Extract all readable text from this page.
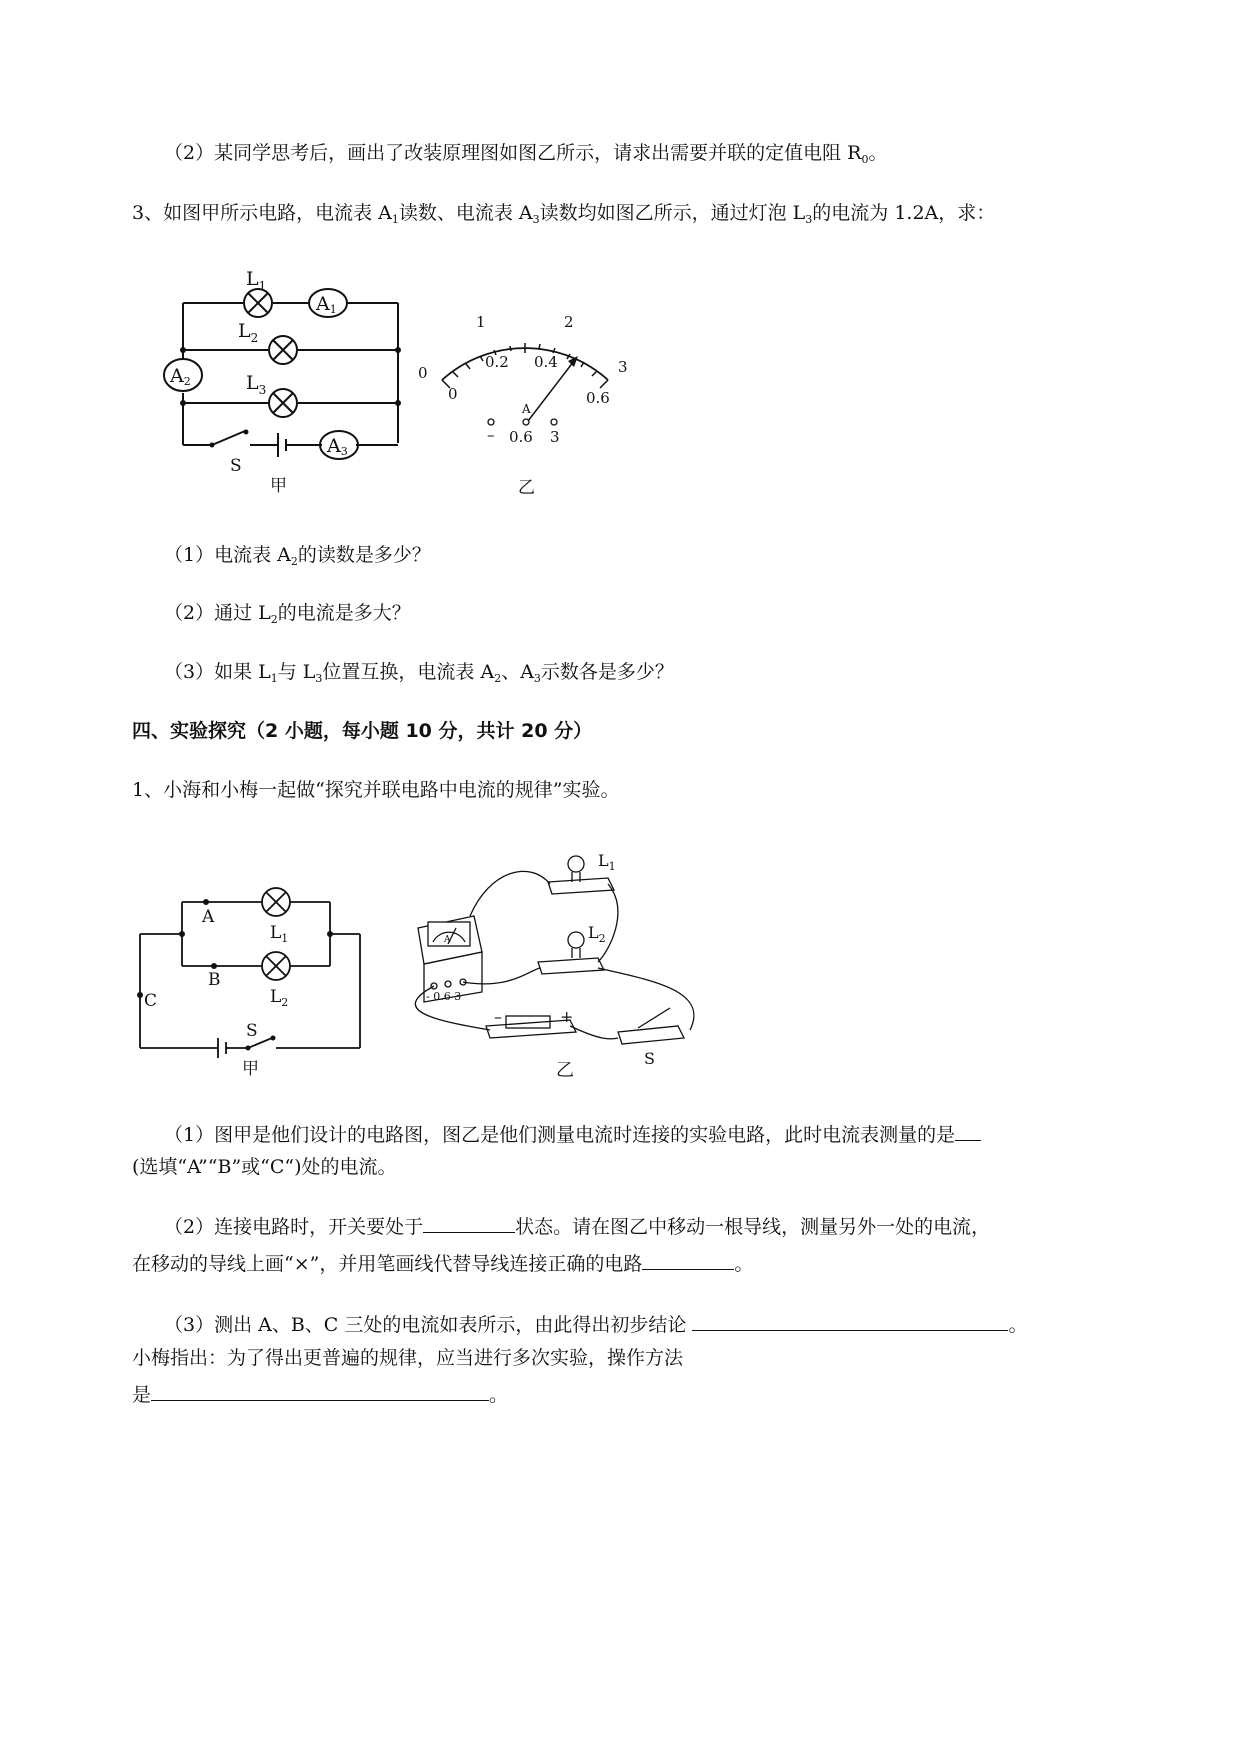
（2）某同学思考后，画出了改装原理图如图乙所示，请求出需要并联的定值电阻 $R_0$。
3、如图甲所示电路，电流表 $A_1$读数、电流表 $A_3$读数均如图乙所示，通过灯泡 $L_3$的电流为 1.2A，求：
$L_1$
$L_2$
$L_3$
A1
A2
A3
S
甲
0
1	2
3
0
0.2 0.4
0.6
A
– 0.6 3
乙
（1）电流表 $A_2$的读数是多少？
（2）通过 $L_2$的电流是多大？
（3）如果 $L_1$与 $L_3$位置互换，电流表 $A_2$、$A_3$示数各是多少？
四、实验探究（2 小题，每小题 10 分，共计 20 分）
1、小海和小梅一起做“探究并联电路中电流的规律”实验。
A
B
C
$L_1$
$L_2$
S
甲
$L_1$
$L_2$
A
- 0.6 3
–	+
S
乙
（1）图甲是他们设计的电路图，图乙是他们测量电流时连接的实验电路，此时电流表测量的是
(选填“A”“B”或“C“)处的电流。
（2）连接电路时，开关要处于	状态。请在图乙中移动一根导线，测量另外一处的电流，
在移动的导线上画“×”，并用笔画线代替导线连接正确的电路	。
（3）测出 A、B、C 三处的电流如表所示，由此得出初步结论	。
小梅指出：为了得出更普遍的规律，应当进行多次实验，操作方法
是	。
